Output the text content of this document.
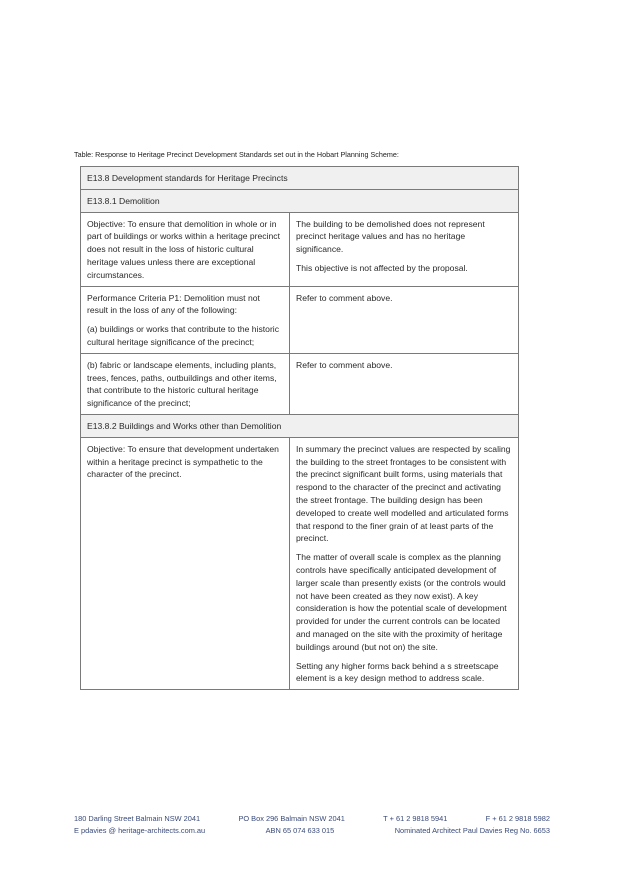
Table: Response to Heritage Precinct Development Standards set out in the Hobart Planning Scheme:
E13.8 Development standards for Heritage Precincts	
E13.8.1 Demolition	

Objective: To ensure that demolition in whole or in part of buildings or works within a heritage precinct does not result in the loss of historic cultural heritage values unless there are exceptional circumstances.	The building to be demolished does not represent precinct heritage values and has no heritage significance.

This objective is not affected by the proposal.

Performance Criteria P1: Demolition must not result in the loss of any of the following:

(a) buildings or works that contribute to the historic cultural heritage significance of the precinct;	Refer to comment above.

(b) fabric or landscape elements, including plants, trees, fences, paths, outbuildings and other items, that contribute to the historic cultural heritage significance of the precinct;	Refer to comment above.

E13.8.2 Buildings and Works other than Demolition	

Objective: To ensure that development undertaken within a heritage precinct is sympathetic to the character of the precinct.	In summary the precinct values are respected by scaling the building to the street frontages to be consistent with the precinct significant built forms, using materials that respond to the character of the precinct and activating the street frontage. The building design has been developed to create well modelled and articulated forms that respond to the finer grain of at least parts of the precinct.

The matter of overall scale is complex as the planning controls have specifically anticipated development of larger scale than presently exists (or the controls would not have been created as they now exist). A key consideration is how the potential scale of development provided for under the current controls can be located and managed on the site with the proximity of heritage buildings around (but not on) the site.

Setting any higher forms back behind a s streetscape element is a key design method to address scale.

180 Darling Street Balmain NSW 2041	PO Box 296 Balmain NSW 2041	T + 61 2 9818 5941	F + 61 2 9818 5982
E pdavies @ heritage-architects.com.au	ABN 65 074 633 015	Nominated Architect Paul Davies Reg No. 6653
